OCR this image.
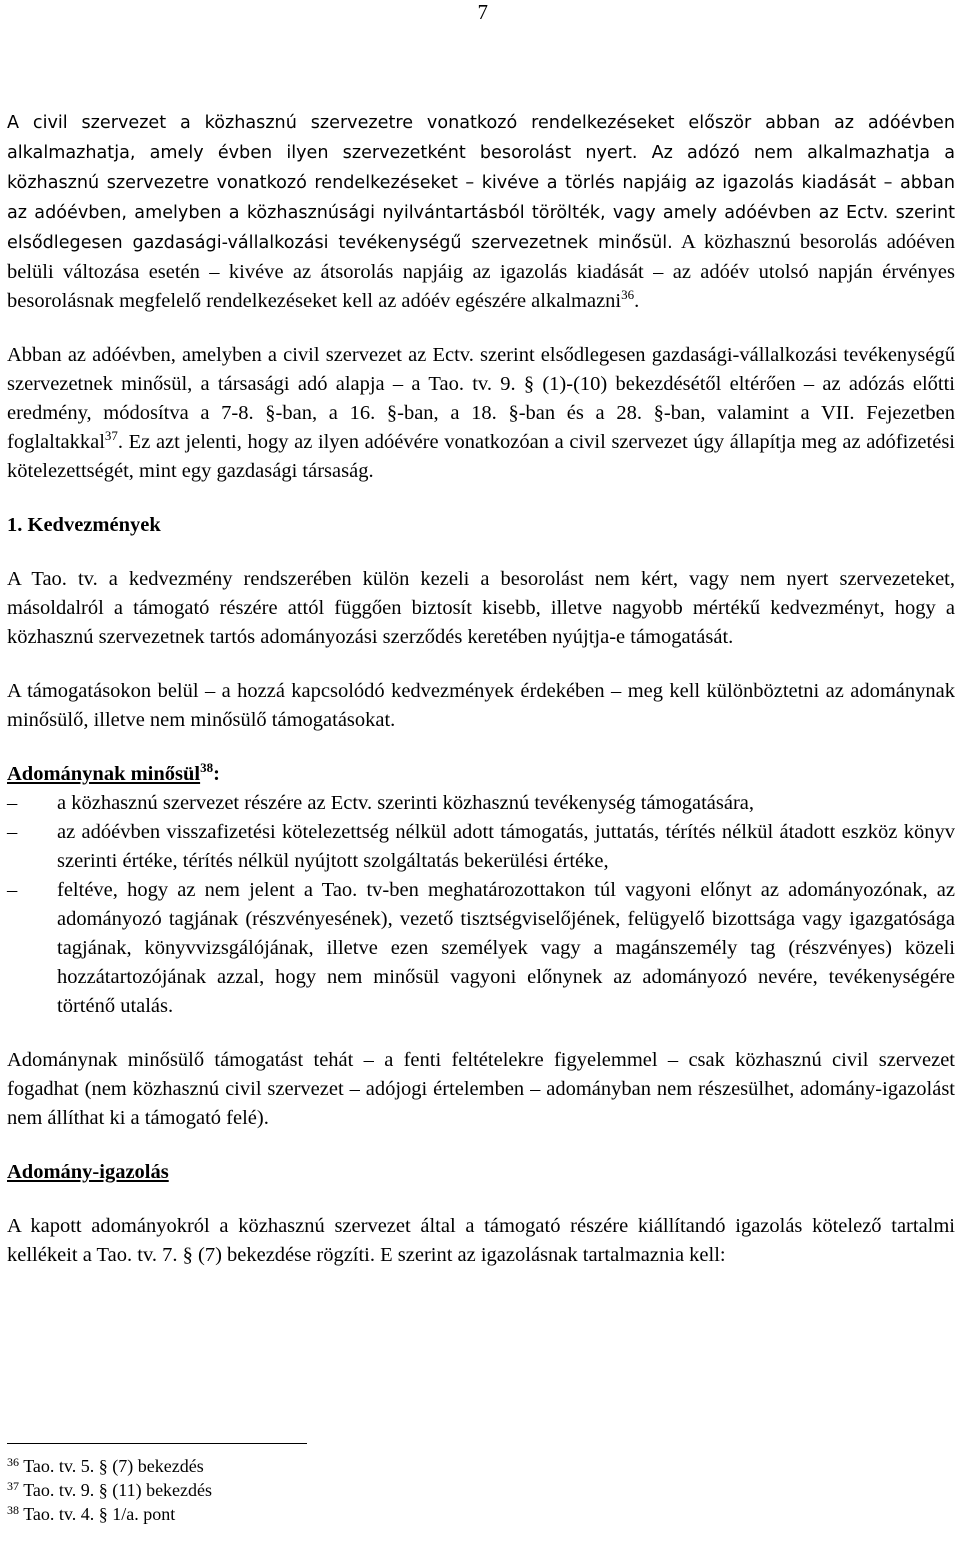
7

A civil szervezet a közhasznú szervezetre vonatkozó rendelkezéseket először abban az adóévben alkalmazhatja, amely évben ilyen szervezetként besorolást nyert. Az adózó nem alkalmazhatja a közhasznú szervezetre vonatkozó rendelkezéseket – kivéve a törlés napjáig az igazolás kiadását – abban az adóévben, amelyben a közhasznúsági nyilvántartásból törölték, vagy amely adóévben az Ectv. szerint elsődlegesen gazdasági-vállalkozási tevékenységű szervezetnek minősül. A közhasznú besorolás adóéven belüli változása esetén – kivéve az átsorolás napjáig az igazolás kiadását – az adóév utolsó napján érvényes besorolásnak megfelelő rendelkezéseket kell az adóév egészére alkalmazni$^{36}$.

Abban az adóévben, amelyben a civil szervezet az Ectv. szerint elsődlegesen gazdasági-vállalkozási tevékenységű szervezetnek minősül, a társasági adó alapja – a Tao. tv. 9. § (1)-(10) bekezdésétől eltérően – az adózás előtti eredmény, módosítva a 7-8. §-ban, a 16. §-ban, a 18. §-ban és a 28. §-ban, valamint a VII. Fejezetben foglaltakkal$^{37}$. Ez azt jelenti, hogy az ilyen adóévére vonatkozóan a civil szervezet úgy állapítja meg az adófizetési kötelezettségét, mint egy gazdasági társaság.

1. Kedvezmények

A Tao. tv. a kedvezmény rendszerében külön kezeli a besorolást nem kért, vagy nem nyert szervezeteket, másoldalról a támogató részére attól függően biztosít kisebb, illetve nagyobb mértékű kedvezményt, hogy a közhasznú szervezetnek tartós adományozási szerződés keretében nyújtja-e támogatását.

A támogatásokon belül – a hozzá kapcsolódó kedvezmények érdekében – meg kell különböztetni az adománynak minősülő, illetve nem minősülő támogatásokat.

Adománynak minősül$^{38}$:
–	a közhasznú szervezet részére az Ectv. szerinti közhasznú tevékenység támogatására,
–	az adóévben visszafizetési kötelezettség nélkül adott támogatás, juttatás, térítés nélkül átadott eszköz könyv szerinti értéke, térítés nélkül nyújtott szolgáltatás bekerülési értéke,
–	feltéve, hogy az nem jelent a Tao. tv-ben meghatározottakon túl vagyoni előnyt az adományozónak, az adományozó tagjának (részvényesének), vezető tisztségviselőjének, felügyelő bizottsága vagy igazgatósága tagjának, könyvvizsgálójának, illetve ezen személyek vagy a magánszemély tag (részvényes) közeli hozzátartozójának azzal, hogy nem minősül vagyoni előnynek az adományozó nevére, tevékenységére történő utalás.

Adománynak minősülő támogatást tehát – a fenti feltételekre figyelemmel – csak közhasznú civil szervezet fogadhat (nem közhasznú civil szervezet – adójogi értelemben – adományban nem részesülhet, adomány-igazolást nem állíthat ki a támogató felé).

Adomány-igazolás

A kapott adományokról a közhasznú szervezet által a támogató részére kiállítandó igazolás kötelező tartalmi kellékeit a Tao. tv. 7. § (7) bekezdése rögzíti. E szerint az igazolásnak tartalmaznia kell:

$^{36}$ Tao. tv. 5. § (7) bekezdés
$^{37}$ Tao. tv. 9. § (11) bekezdés
$^{38}$ Tao. tv. 4. § 1/a. pont
